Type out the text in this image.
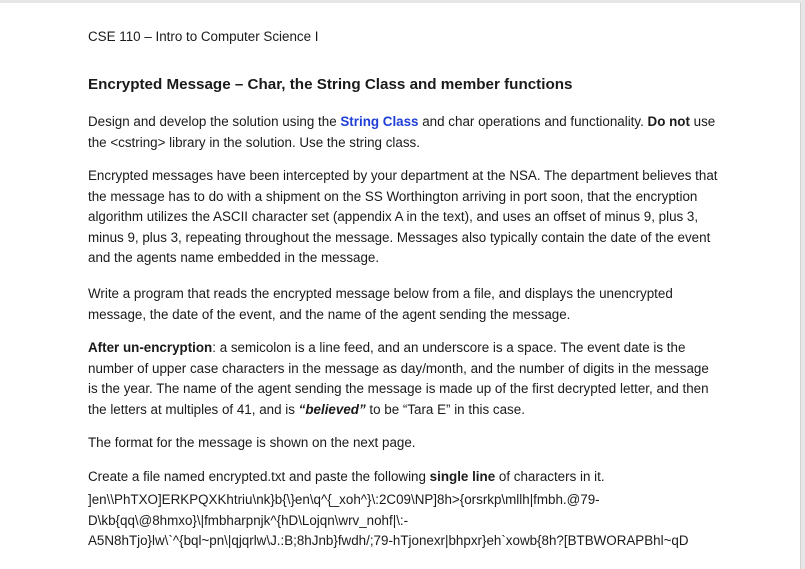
CSE 110 – Intro to Computer Science I
Encrypted Message – Char, the String Class and member functions

Design and develop the solution using the String Class and char operations and functionality. Do not use the <cstring> library in the solution. Use the string class.

Encrypted messages have been intercepted by your department at the NSA. The department believes that the message has to do with a shipment on the SS Worthington arriving in port soon, that the encryption algorithm utilizes the ASCII character set (appendix A in the text), and uses an offset of minus 9, plus 3, minus 9, plus 3, repeating throughout the message. Messages also typically contain the date of the event and the agents name embedded in the message.

Write a program that reads the encrypted message below from a file, and displays the unencrypted message, the date of the event, and the name of the agent sending the message.

After un-encryption: a semicolon is a line feed, and an underscore is a space. The event date is the number of upper case characters in the message as day/month, and the number of digits in the message is the year. The name of the agent sending the message is made up of the first decrypted letter, and then the letters at multiples of 41, and is “believed” to be “Tara E” in this case.

The format for the message is shown on the next page.

Create a file named encrypted.txt and paste the following single line of characters in it.

]en\\PhTXO]ERKPQXKhtriu\nk}b{\}en\q^{_xoh^}\:2C09\NP]8h>{orsrkp\mllh|fmbh.@79-
D\kb{qq\@8hmxo}\|fmbharpnjk^{hD\Lojqn\wrv_nohf|\:-
A5N8hTjo}lw\`^{bql~pn\|qjqrlw\J.:B;8hJnb}fwdh/;79-hTjonexr|bhpxr}eh`xowb{8h?[BTBWORAPBhl~qD
